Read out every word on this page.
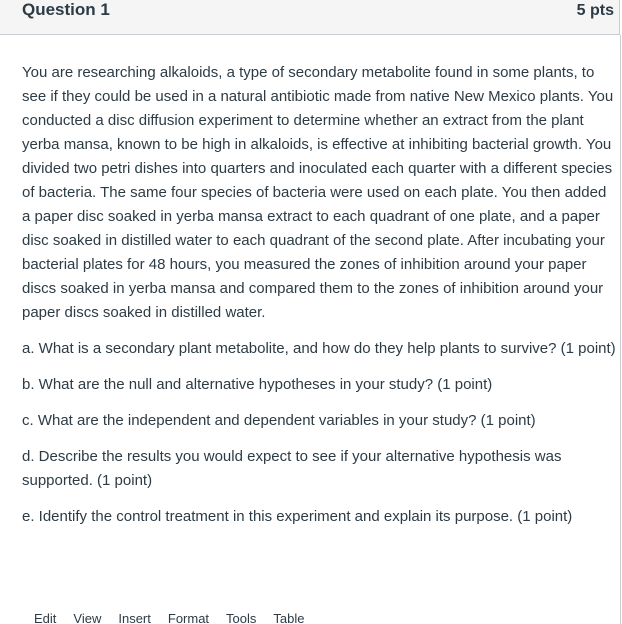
Question 1	5 pts

You are researching alkaloids, a type of secondary metabolite found in some plants, to see if they could be used in a natural antibiotic made from native New Mexico plants. You conducted a disc diffusion experiment to determine whether an extract from the plant yerba mansa, known to be high in alkaloids, is effective at inhibiting bacterial growth. You divided two petri dishes into quarters and inoculated each quarter with a different species of bacteria. The same four species of bacteria were used on each plate. You then added a paper disc soaked in yerba mansa extract to each quadrant of one plate, and a paper disc soaked in distilled water to each quadrant of the second plate. After incubating your bacterial plates for 48 hours, you measured the zones of inhibition around your paper discs soaked in yerba mansa and compared them to the zones of inhibition around your paper discs soaked in distilled water.

a. What is a secondary plant metabolite, and how do they help plants to survive? (1 point)

b. What are the null and alternative hypotheses in your study? (1 point)

c. What are the independent and dependent variables in your study? (1 point)

d. Describe the results you would expect to see if your alternative hypothesis was supported. (1 point)

e. Identify the control treatment in this experiment and explain its purpose. (1 point)

Edit View Insert Format Tools Table
